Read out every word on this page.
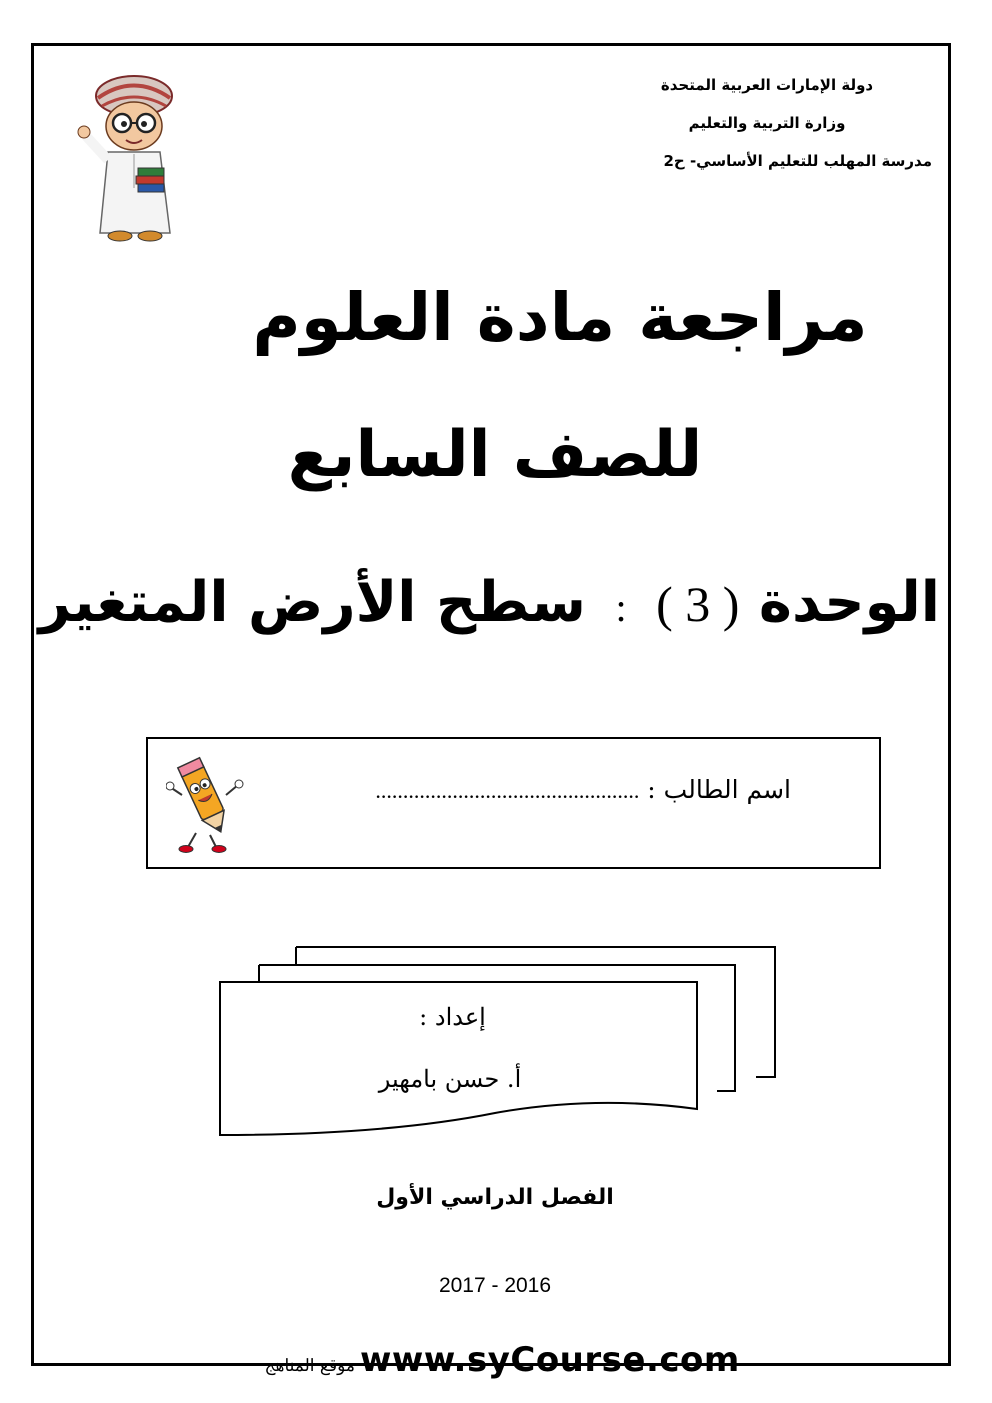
دولة الإمارات العربية المتحدة
وزارة التربية والتعليم
مدرسة المهلب للتعليم الأساسي- ح2
مراجعة مادة العلوم
للصف السابع
الوحدة ( 3 ) : سطح الأرض المتغير
اسم الطالب : ................................................
إعداد :
أ. حسن بامهير
الفصل الدراسي الأول
2017 - 2016
www.syCourse.com
موقع المناهج
